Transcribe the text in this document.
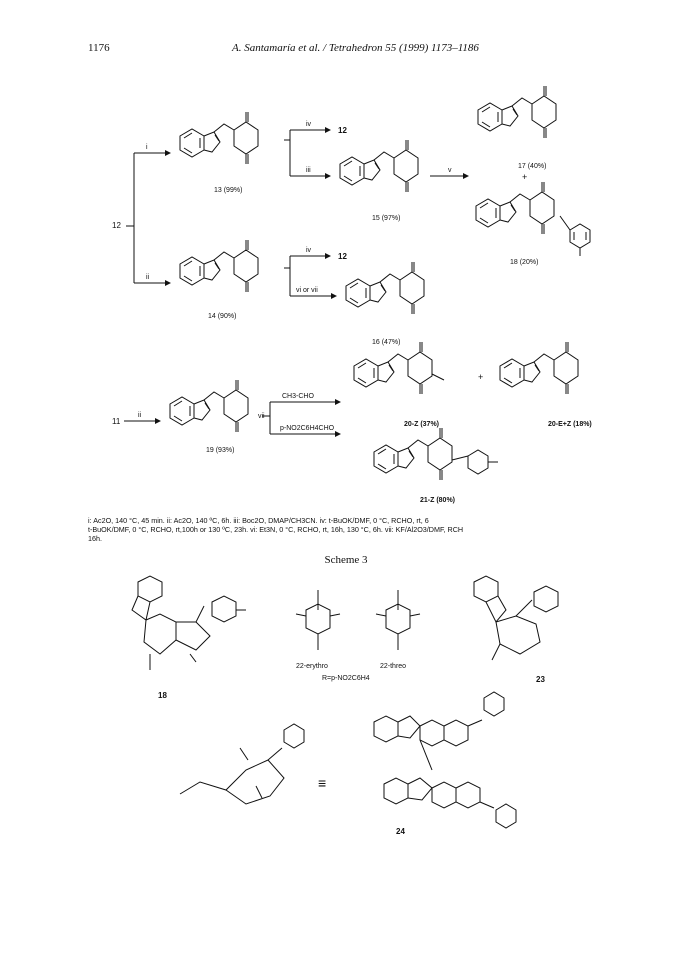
1176	A. Santamaría et al. / Tetrahedron 55 (1999) 1173–1186
12
i
ii
13 (99%)
iv
iii
12
15 (97%)
v
17 (40%)
+
18 (20%)
14 (90%)
iv
vi or vii
12
16 (47%)
11
ii
19 (93%)
vii
CH3-CHO
p-NO2C6H4CHO
20-Z (37%)
+
20-E+Z (18%)
21-Z (80%)
i: Ac2O, 140 °C, 45 min. ii: Ac2O, 140 ºC, 6h. iii: Boc2O, DMAP/CH3CN. iv: t-BuOK/DMF, 0 °C, RCHO, rt, 6
t-BuOK/DMF, 0 °C, RCHO, rt,100h or 130 ºC, 23h. vi: Et3N, 0 °C, RCHO, rt, 16h, 130 °C, 6h. vii: KF/Al2O3/DMF, RCH
16h.
Scheme 3
18
22-erythro	22-threo
R=p-NO2C6H4	23
≡
24
